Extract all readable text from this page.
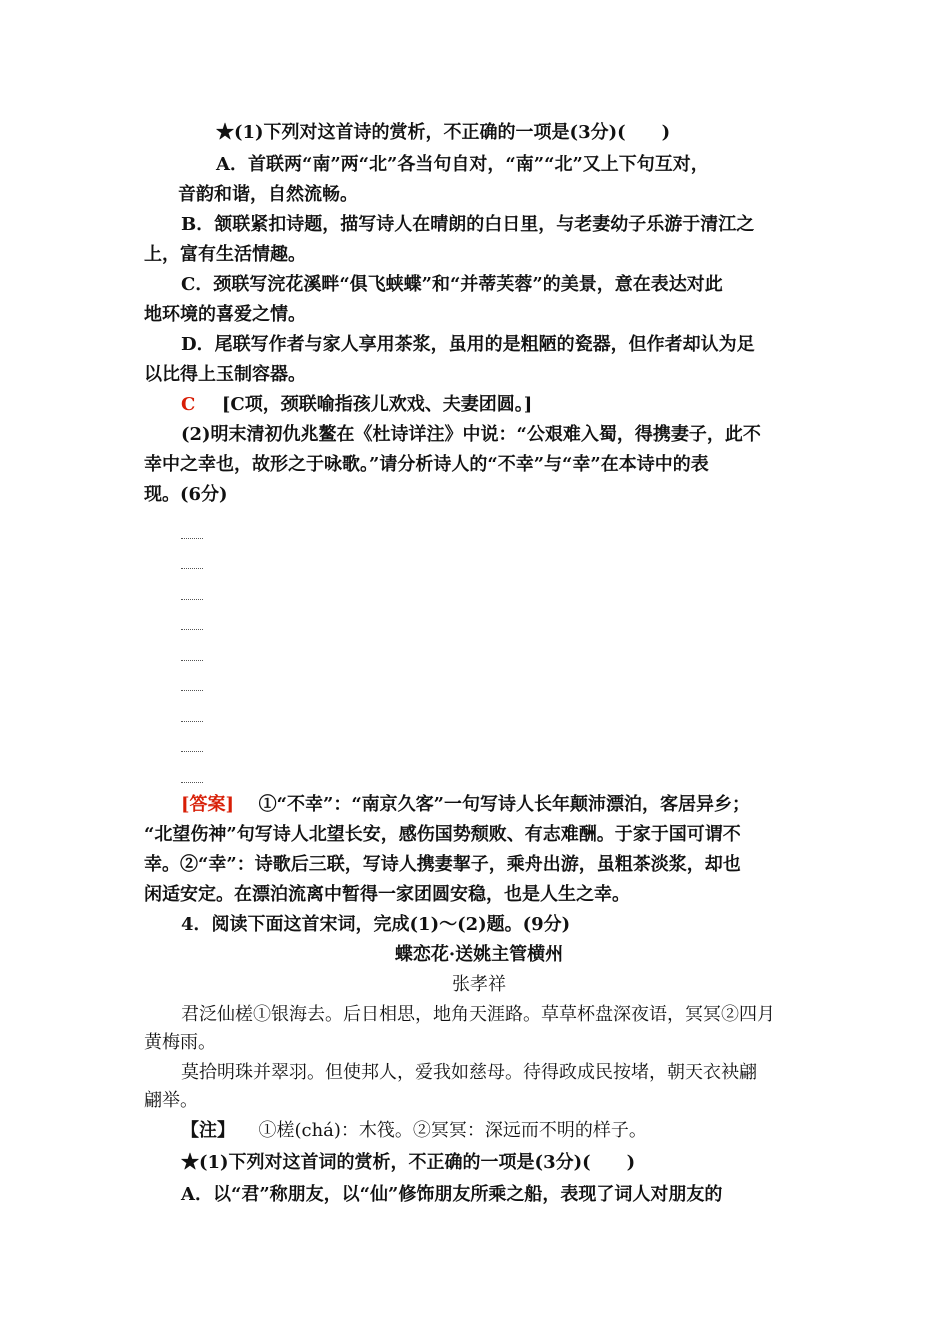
★(1)下列对这首诗的赏析，不正确的一项是(3分)(　　)
A．首联两“南”两“北”各当句自对，“南”“北”又上下句互对，
音韵和谐，自然流畅。
B．颔联紧扣诗题，描写诗人在晴朗的白日里，与老妻幼子乐游于清江之
上，富有生活情趣。
C．颈联写浣花溪畔“俱飞蛱蝶”和“并蒂芙蓉”的美景，意在表达对此
地环境的喜爱之情。
D．尾联写作者与家人享用茶浆，虽用的是粗陋的瓷器，但作者却认为足
以比得上玉制容器。
C [C项，颈联喻指孩儿欢戏、夫妻团圆。]
(2)明末清初仇兆鳌在《杜诗详注》中说：“公艰难入蜀，得携妻子，此不
幸中之幸也，故形之于咏歌。”请分析诗人的“不幸”与“幸”在本诗中的表
现。(6分)
[答案] ①“不幸”：“南京久客”一句写诗人长年颠沛漂泊，客居异乡；
“北望伤神”句写诗人北望长安，感伤国势颓败、有志难酬。于家于国可谓不
幸。②“幸”：诗歌后三联，写诗人携妻挈子，乘舟出游，虽粗茶淡浆，却也
闲适安定。在漂泊流离中暂得一家团圆安稳，也是人生之幸。
4．阅读下面这首宋词，完成(1)～(2)题。(9分)
蝶恋花·送姚主管横州
张孝祥
君泛仙槎①银海去。后日相思，地角天涯路。草草杯盘深夜语，冥冥②四月
黄梅雨。
莫拾明珠并翠羽。但使邦人，爱我如慈母。待得政成民按堵，朝天衣袂翩
翩举。
【注】 ①槎(chá)：木筏。②冥冥：深远而不明的样子。
★(1)下列对这首词的赏析，不正确的一项是(3分)(　　)
A．以“君”称朋友，以“仙”修饰朋友所乘之船，表现了词人对朋友的
